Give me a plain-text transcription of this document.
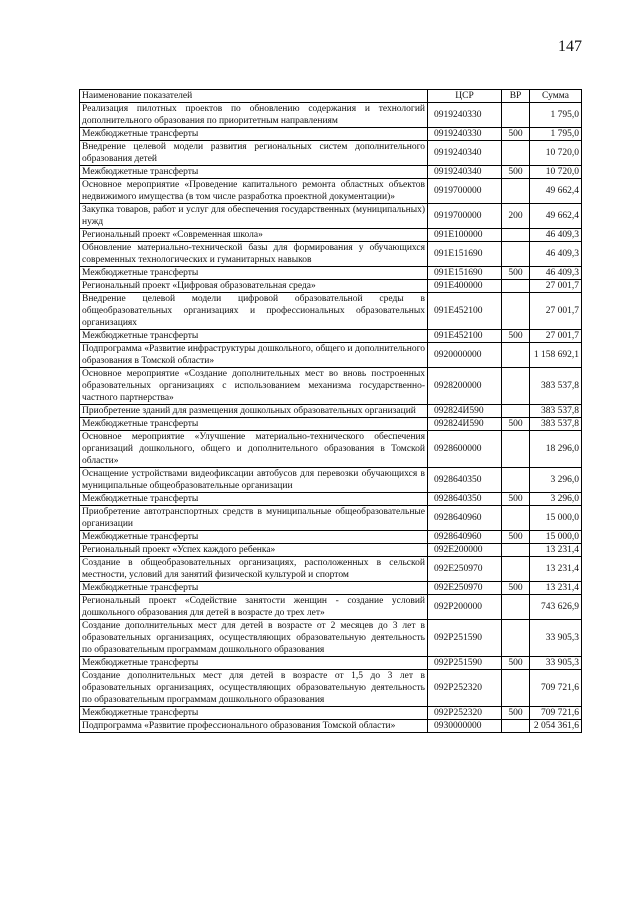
147
Наименование показателей	ЦСР	ВР	Сумма
Реализация пилотных проектов по обновлению содержания и технологий дополнительного образования по приоритетным направлениям	0919240330		1 795,0
Межбюджетные трансферты	0919240330	500	1 795,0
Внедрение целевой модели развития региональных систем дополнительного образования детей	0919240340		10 720,0
Межбюджетные трансферты	0919240340	500	10 720,0
Основное мероприятие «Проведение капитального ремонта областных объектов недвижимого имущества (в том числе разработка проектной документации)»	0919700000		49 662,4
Закупка товаров, работ и услуг для обеспечения государственных (муниципальных) нужд	0919700000	200	49 662,4
Региональный проект «Современная школа»	091E100000		46 409,3
Обновление материально-технической базы для формирования у обучающихся современных технологических и гуманитарных навыков	091E151690		46 409,3
Межбюджетные трансферты	091E151690	500	46 409,3
Региональный проект «Цифровая образовательная среда»	091E400000		27 001,7
Внедрение целевой модели цифровой образовательной среды в общеобразовательных организациях и профессиональных образовательных организациях	091E452100		27 001,7
Межбюджетные трансферты	091E452100	500	27 001,7
Подпрограмма «Развитие инфраструктуры дошкольного, общего и дополнительного образования в Томской области»	0920000000		1 158 692,1
Основное мероприятие «Создание дополнительных мест во вновь построенных образовательных организациях с использованием механизма государственно-частного партнерства»	0928200000		383 537,8
Приобретение зданий для размещения дошкольных образовательных организаций	092824И590		383 537,8
Межбюджетные трансферты	092824И590	500	383 537,8
Основное мероприятие «Улучшение материально-технического обеспечения организаций дошкольного, общего и дополнительного образования в Томской области»	0928600000		18 296,0
Оснащение устройствами видеофиксации автобусов для перевозки обучающихся в муниципальные общеобразовательные организации	0928640350		3 296,0
Межбюджетные трансферты	0928640350	500	3 296,0
Приобретение автотранспортных средств в муниципальные общеобразовательные организации	0928640960		15 000,0
Межбюджетные трансферты	0928640960	500	15 000,0
Региональный проект «Успех каждого ребенка»	092E200000		13 231,4
Создание в общеобразовательных организациях, расположенных в сельской местности, условий для занятий физической культурой и спортом	092E250970		13 231,4
Межбюджетные трансферты	092E250970	500	13 231,4
Региональный проект «Содействие занятости женщин - создание условий дошкольного образования для детей в возрасте до трех лет»	092P200000		743 626,9
Создание дополнительных мест для детей в возрасте от 2 месяцев до 3 лет в образовательных организациях, осуществляющих образовательную деятельность по образовательным программам дошкольного образования	092P251590		33 905,3
Межбюджетные трансферты	092P251590	500	33 905,3
Создание дополнительных мест для детей в возрасте от 1,5 до 3 лет в образовательных организациях, осуществляющих образовательную деятельность по образовательным программам дошкольного образования	092P252320		709 721,6
Межбюджетные трансферты	092P252320	500	709 721,6
Подпрограмма «Развитие профессионального образования Томской области»	0930000000		2 054 361,6
